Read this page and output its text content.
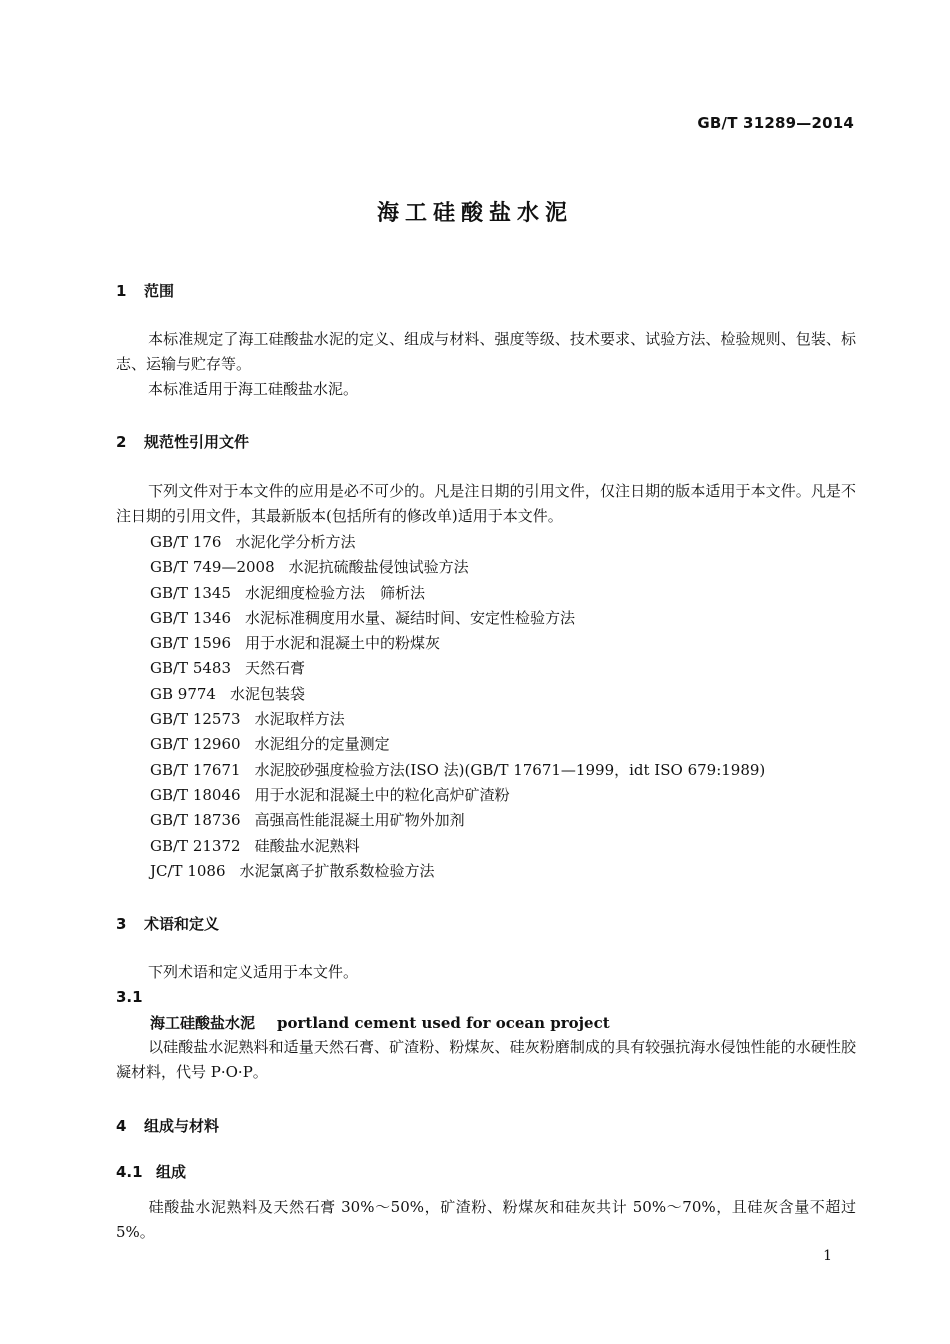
GB/T 31289—2014
海工硅酸盐水泥
1 范围
本标准规定了海工硅酸盐水泥的定义、组成与材料、强度等级、技术要求、试验方法、检验规则、包装、标志、运输与贮存等。
本标准适用于海工硅酸盐水泥。
2 规范性引用文件
下列文件对于本文件的应用是必不可少的。凡是注日期的引用文件，仅注日期的版本适用于本文件。凡是不注日期的引用文件，其最新版本(包括所有的修改单)适用于本文件。
GB/T 176 水泥化学分析方法
GB/T 749—2008 水泥抗硫酸盐侵蚀试验方法
GB/T 1345 水泥细度检验方法　筛析法
GB/T 1346 水泥标准稠度用水量、凝结时间、安定性检验方法
GB/T 1596 用于水泥和混凝土中的粉煤灰
GB/T 5483 天然石膏
GB 9774 水泥包装袋
GB/T 12573 水泥取样方法
GB/T 12960 水泥组分的定量测定
GB/T 17671 水泥胶砂强度检验方法(ISO 法)(GB/T 17671—1999，idt ISO 679:1989)
GB/T 18046 用于水泥和混凝土中的粒化高炉矿渣粉
GB/T 18736 高强高性能混凝土用矿物外加剂
GB/T 21372 硅酸盐水泥熟料
JC/T 1086 水泥氯离子扩散系数检验方法
3 术语和定义
下列术语和定义适用于本文件。
3.1
海工硅酸盐水泥 portland cement used for ocean project
以硅酸盐水泥熟料和适量天然石膏、矿渣粉、粉煤灰、硅灰粉磨制成的具有较强抗海水侵蚀性能的水硬性胶凝材料，代号 P·O·P。
4 组成与材料
4.1 组成
硅酸盐水泥熟料及天然石膏 30%～50%，矿渣粉、粉煤灰和硅灰共计 50%～70%，且硅灰含量不超过 5%。
1
